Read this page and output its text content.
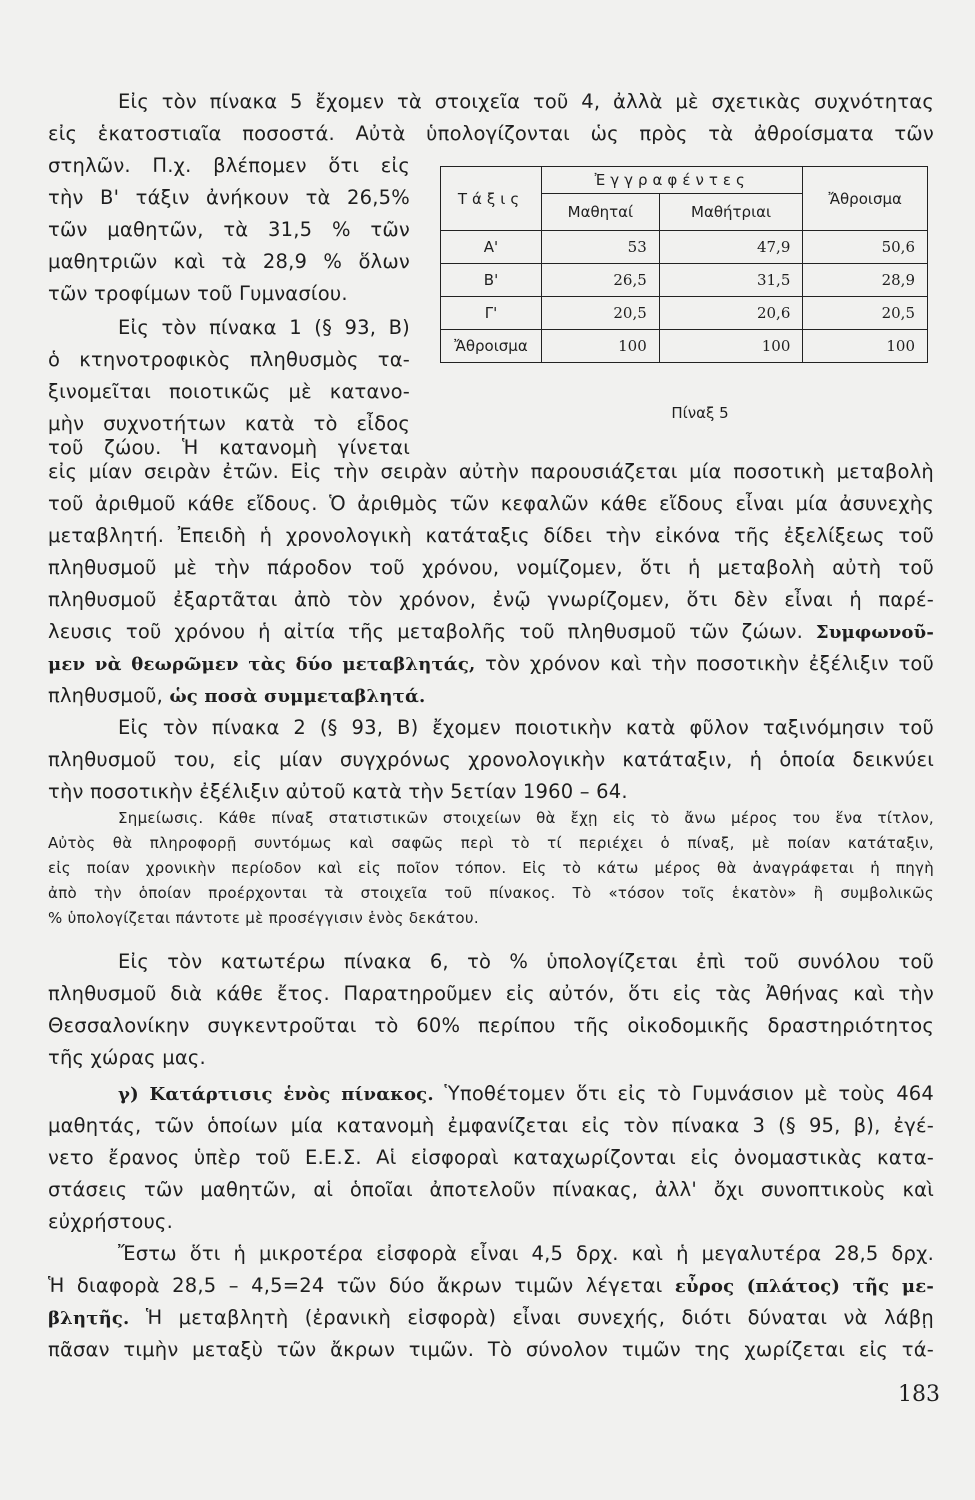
Εἰς τὸν πίνακα 5 ἔχομεν τὰ στοιχεῖα τοῦ 4, ἀλλὰ μὲ σχετικὰς συχνότητας
εἰς ἑκατοστιαῖα ποσοστά. Αὐτὰ ὑπολογίζονται ὡς πρὸς τὰ ἀθροίσματα τῶν
στηλῶν. Π.χ. βλέπομεν ὅτι εἰς
τὴν Β' τάξιν ἀνήκουν τὰ 26,5%
τῶν μαθητῶν, τὰ 31,5 % τῶν
μαθητριῶν καὶ τὰ 28,9 % ὅλων
τῶν τροφίμων τοῦ Γυμνασίου.
Εἰς τὸν πίνακα 1 (§ 93, Β)
ὁ κτηνοτροφικὸς πληθυσμὸς τα-
ξινομεῖται ποιοτικῶς μὲ κατανο-
μὴν συχνοτήτων κατὰ τὸ εἶδος
τοῦ ζώου. Ἡ κατανομὴ γίνεται
εἰς μίαν σειρὰν ἐτῶν. Εἰς τὴν σειρὰν αὐτὴν παρουσιάζεται μία ποσοτικὴ μεταβολὴ
τοῦ ἀριθμοῦ κάθε εἴδους. Ὁ ἀριθμὸς τῶν κεφαλῶν κάθε εἴδους εἶναι μία ἀσυνεχὴς
μεταβλητή. Ἐπειδὴ ἡ χρονολογικὴ κατάταξις δίδει τὴν εἰκόνα τῆς ἐξελίξεως τοῦ
πληθυσμοῦ μὲ τὴν πάροδον τοῦ χρόνου, νομίζομεν, ὅτι ἡ μεταβολὴ αὐτὴ τοῦ
πληθυσμοῦ ἐξαρτᾶται ἀπὸ τὸν χρόνον, ἐνῷ γνωρίζομεν, ὅτι δὲν εἶναι ἡ παρέ-
λευσις τοῦ χρόνου ἡ αἰτία τῆς μεταβολῆς τοῦ πληθυσμοῦ τῶν ζώων. Συμφωνοῦ-
μεν νὰ θεωρῶμεν τὰς δύο μεταβλητάς, τὸν χρόνον καὶ τὴν ποσοτικὴν ἐξέλιξιν τοῦ
πληθυσμοῦ, ὡς ποσὰ συμμεταβλητά.
Εἰς τὸν πίνακα 2 (§ 93, Β) ἔχομεν ποιοτικὴν κατὰ φῦλον ταξινόμησιν τοῦ
πληθυσμοῦ του, εἰς μίαν συγχρόνως χρονολογικὴν κατάταξιν, ἡ ὁποία δεικνύει
τὴν ποσοτικὴν ἐξέλιξιν αὐτοῦ κατὰ τὴν 5ετίαν 1960 – 64.
Σημείωσις. Κάθε πίναξ στατιστικῶν στοιχείων θὰ ἔχῃ εἰς τὸ ἄνω μέρος του ἕνα τίτλον,
Αὐτὸς θὰ πληροφορῇ συντόμως καὶ σαφῶς περὶ τὸ τί περιέχει ὁ πίναξ, μὲ ποίαν κατάταξιν,
εἰς ποίαν χρονικὴν περίοδον καὶ εἰς ποῖον τόπον. Εἰς τὸ κάτω μέρος θὰ ἀναγράφεται ἡ πηγὴ
ἀπὸ τὴν ὁποίαν προέρχονται τὰ στοιχεῖα τοῦ πίνακος. Τὸ «τόσον τοῖς ἑκατὸν» ἢ συμβολικῶς
% ὑπολογίζεται πάντοτε μὲ προσέγγισιν ἑνὸς δεκάτου.
Εἰς τὸν κατωτέρω πίνακα 6, τὸ % ὑπολογίζεται ἐπὶ τοῦ συνόλου τοῦ
πληθυσμοῦ διὰ κάθε ἔτος. Παρατηροῦμεν εἰς αὐτόν, ὅτι εἰς τὰς Ἀθήνας καὶ τὴν
Θεσσαλονίκην συγκεντροῦται τὸ 60% περίπου τῆς οἰκοδομικῆς δραστηριότητος
τῆς χώρας μας.
γ) Κατάρτισις ἑνὸς πίνακος. Ὑποθέτομεν ὅτι εἰς τὸ Γυμνάσιον μὲ τοὺς 464
μαθητάς, τῶν ὁποίων μία κατανομὴ ἐμφανίζεται εἰς τὸν πίνακα 3 (§ 95, β), ἐγέ-
νετο ἔρανος ὑπὲρ τοῦ Ε.Ε.Σ. Αἱ εἰσφοραὶ καταχωρίζονται εἰς ὀνομαστικὰς κατα-
στάσεις τῶν μαθητῶν, αἱ ὁποῖαι ἀποτελοῦν πίνακας, ἀλλ' ὄχι συνοπτικοὺς καὶ
εὐχρήστους.
Ἔστω ὅτι ἡ μικροτέρα εἰσφορὰ εἶναι 4,5 δρχ. καὶ ἡ μεγαλυτέρα 28,5 δρχ.
Ἡ διαφορὰ 28,5 – 4,5=24 τῶν δύο ἄκρων τιμῶν λέγεται εὖρος (πλάτος) τῆς με-
βλητῆς. Ἡ μεταβλητὴ (ἐρανικὴ εἰσφορὰ) εἶναι συνεχής, διότι δύναται νὰ λάβῃ
πᾶσαν τιμὴν μεταξὺ τῶν ἄκρων τιμῶν. Τὸ σύνολον τιμῶν της χωρίζεται εἰς τά-
Τάξις	Ἐγγραφέντες		Ἄθροισμα
	Μαθηταί	Μαθήτριαι	
Α'	53	47,9	50,6
Β'	26,5	31,5	28,9
Γ'	20,5	20,6	20,5
Ἄθροισμα	100	100	100
Πίναξ 5
183
